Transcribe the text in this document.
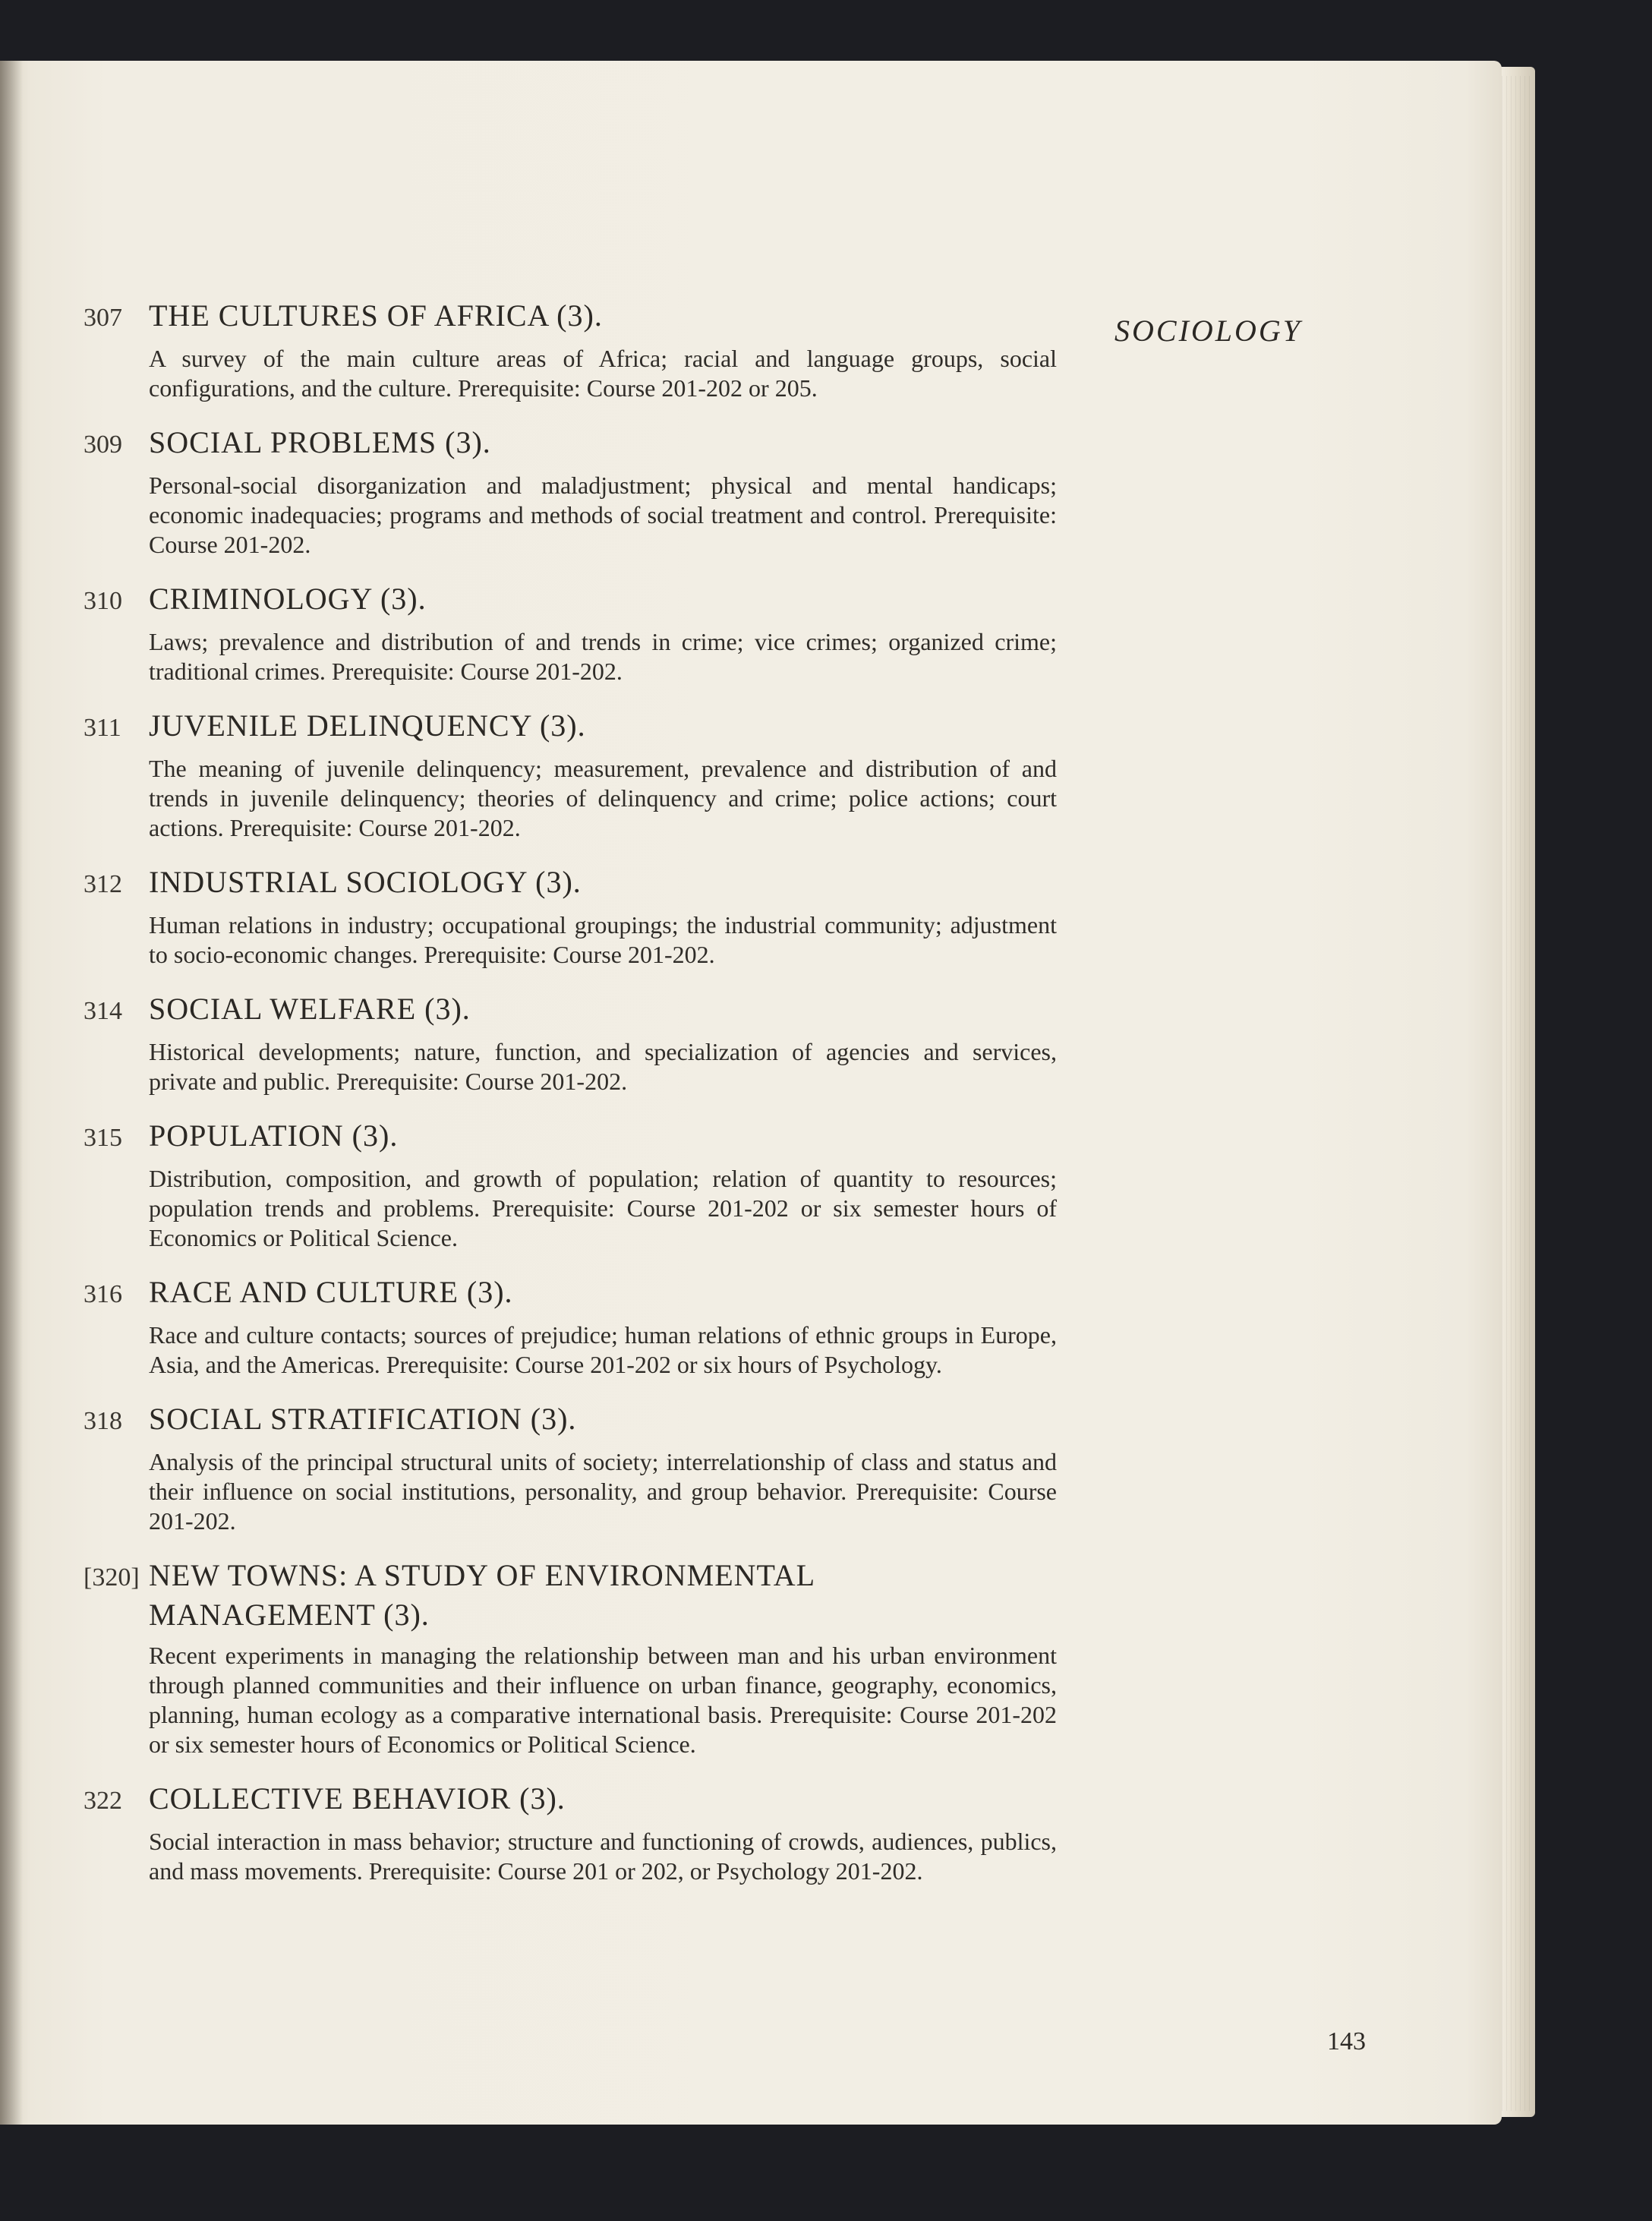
SOCIOLOGY
307 THE CULTURES OF AFRICA (3).
A survey of the main culture areas of Africa; racial and language groups, social configurations, and the culture. Prerequisite: Course 201-202 or 205.
309 SOCIAL PROBLEMS (3).
Personal-social disorganization and maladjustment; physical and mental handicaps; economic inadequacies; programs and methods of social treatment and control. Prerequisite: Course 201-202.
310 CRIMINOLOGY (3).
Laws; prevalence and distribution of and trends in crime; vice crimes; organized crime; traditional crimes. Prerequisite: Course 201-202.
311 JUVENILE DELINQUENCY (3).
The meaning of juvenile delinquency; measurement, prevalence and distribution of and trends in juvenile delinquency; theories of delinquency and crime; police actions; court actions. Prerequisite: Course 201-202.
312 INDUSTRIAL SOCIOLOGY (3).
Human relations in industry; occupational groupings; the industrial community; adjustment to socio-economic changes. Prerequisite: Course 201-202.
314 SOCIAL WELFARE (3).
Historical developments; nature, function, and specialization of agencies and services, private and public. Prerequisite: Course 201-202.
315 POPULATION (3).
Distribution, composition, and growth of population; relation of quantity to resources; population trends and problems. Prerequisite: Course 201-202 or six semester hours of Economics or Political Science.
316 RACE AND CULTURE (3).
Race and culture contacts; sources of prejudice; human relations of ethnic groups in Europe, Asia, and the Americas. Prerequisite: Course 201-202 or six hours of Psychology.
318 SOCIAL STRATIFICATION (3).
Analysis of the principal structural units of society; interrelationship of class and status and their influence on social institutions, personality, and group behavior. Prerequisite: Course 201-202.
[320] NEW TOWNS: A STUDY OF ENVIRONMENTAL MANAGEMENT (3).
Recent experiments in managing the relationship between man and his urban environment through planned communities and their influence on urban finance, geography, economics, planning, human ecology as a comparative international basis. Prerequisite: Course 201-202 or six semester hours of Economics or Political Science.
322 COLLECTIVE BEHAVIOR (3).
Social interaction in mass behavior; structure and functioning of crowds, audiences, publics, and mass movements. Prerequisite: Course 201 or 202, or Psychology 201-202.
143
